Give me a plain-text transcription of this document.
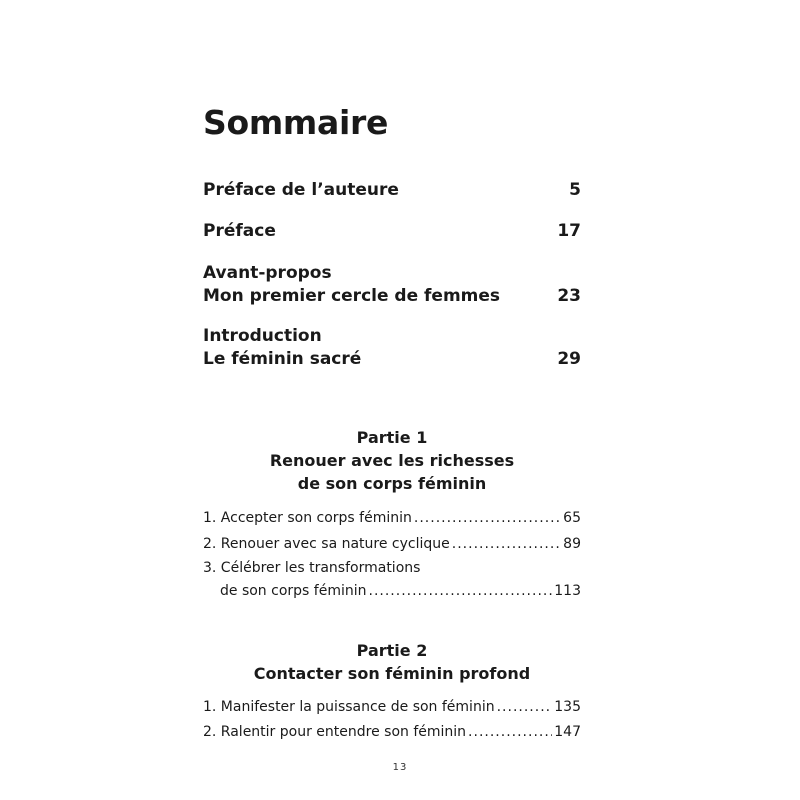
Sommaire
Préface de l’auteure	5
Préface	17
Avant-propos
Mon premier cercle de femmes	23
Introduction
Le féminin sacré	29
Partie 1
Renouer avec les richesses
de son corps féminin
1. Accepter son corps féminin .....	65
2. Renouer avec sa nature cyclique .....	89
3. Célébrer les transformations
de son corps féminin .....	113
Partie 2
Contacter son féminin profond
1. Manifester la puissance de son féminin .....	135
2. Ralentir pour entendre son féminin .....	147
13
